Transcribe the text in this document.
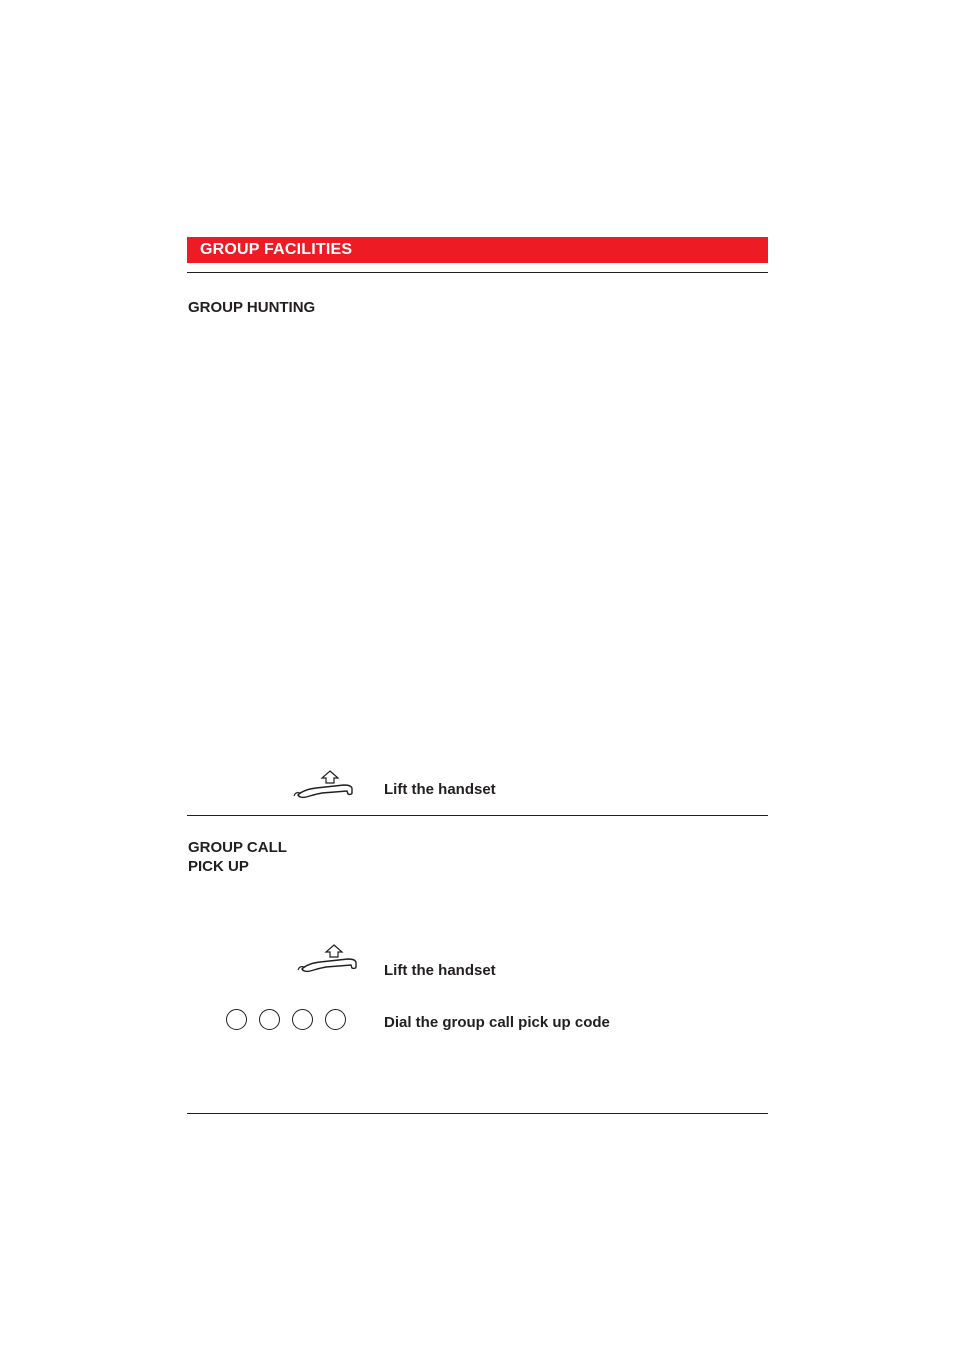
GROUP FACILITIES
GROUP HUNTING
Lift the handset
GROUP CALL
PICK UP
Lift the handset
Dial the group call pick up code
